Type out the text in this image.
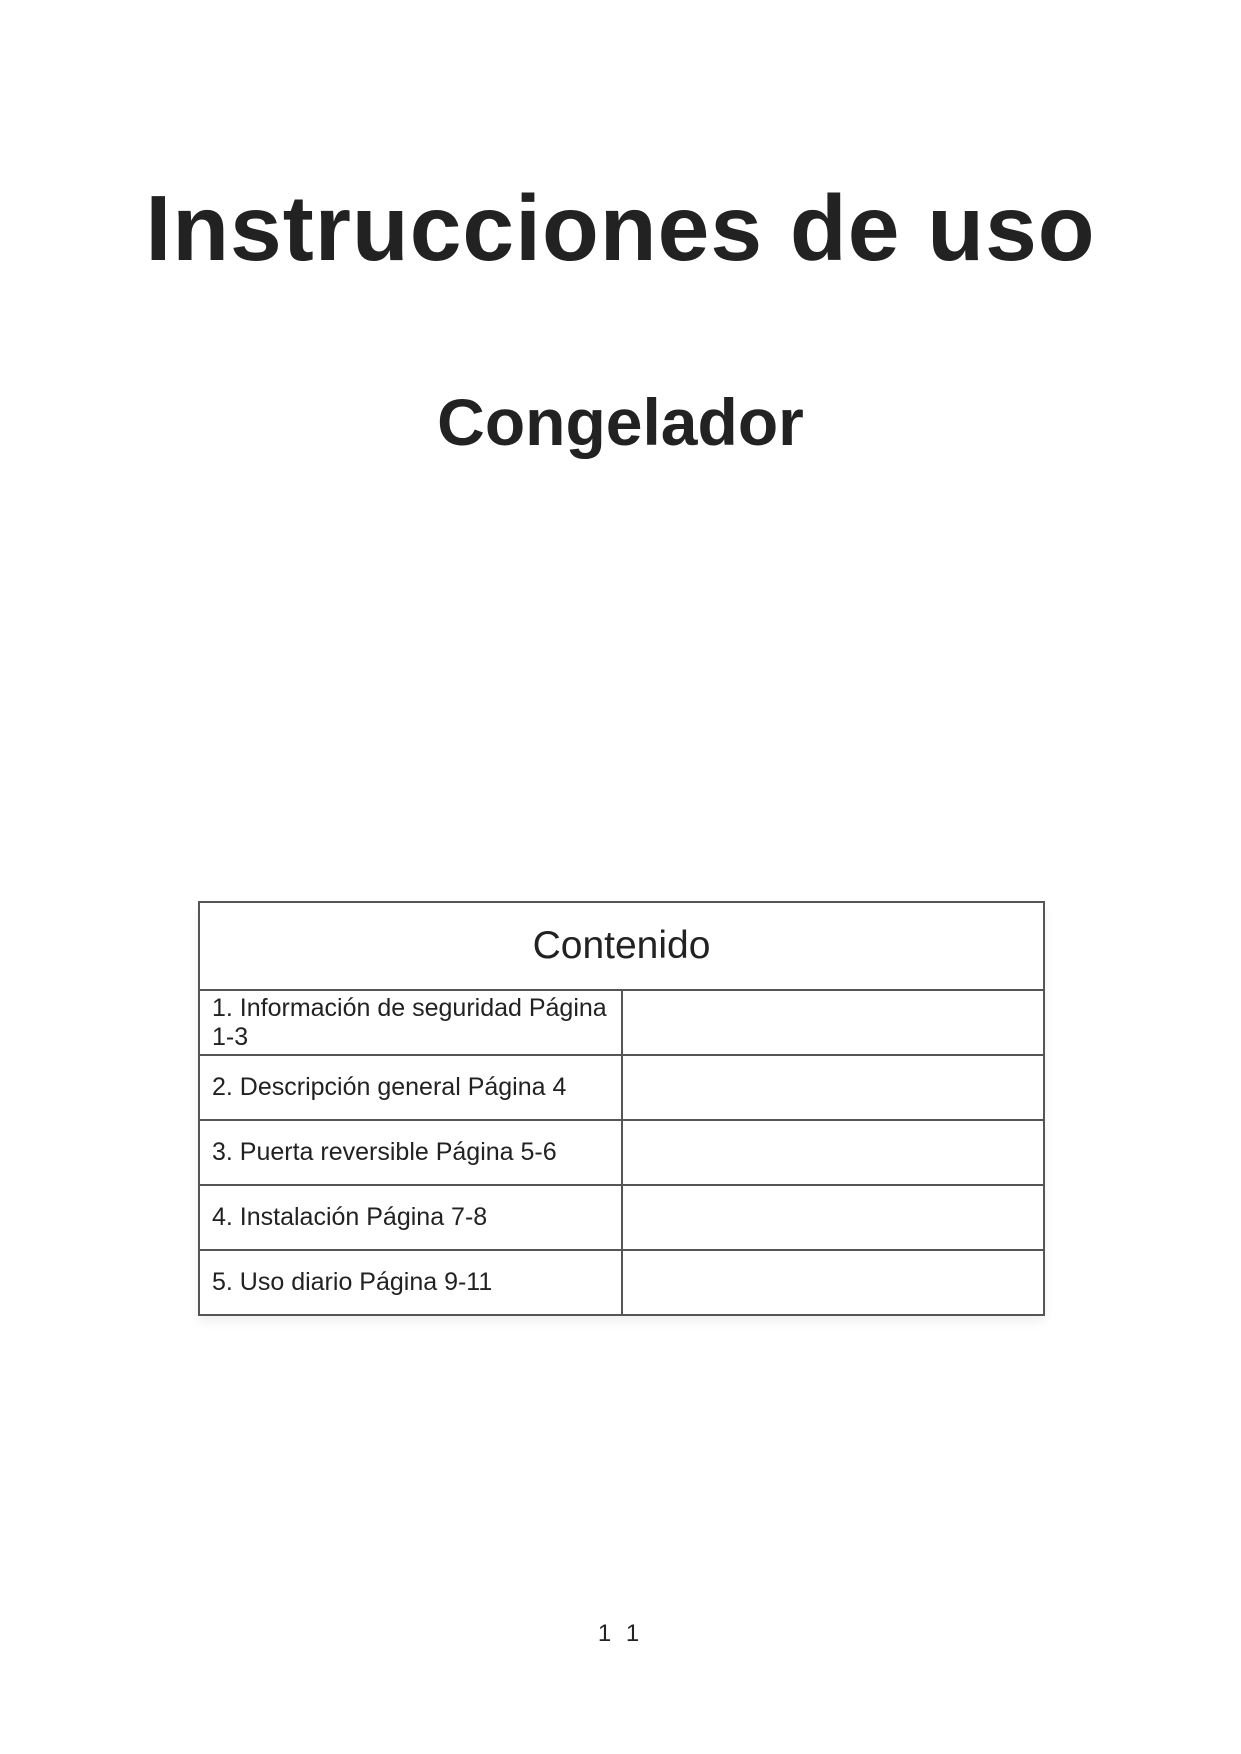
Instrucciones de uso
Congelador
Contenido	
1. Información de seguridad Página 1-3	
2. Descripción general Página 4	
3. Puerta reversible Página 5-6	
4. Instalación Página 7-8	
5. Uso diario Página 9-11	
1 1
